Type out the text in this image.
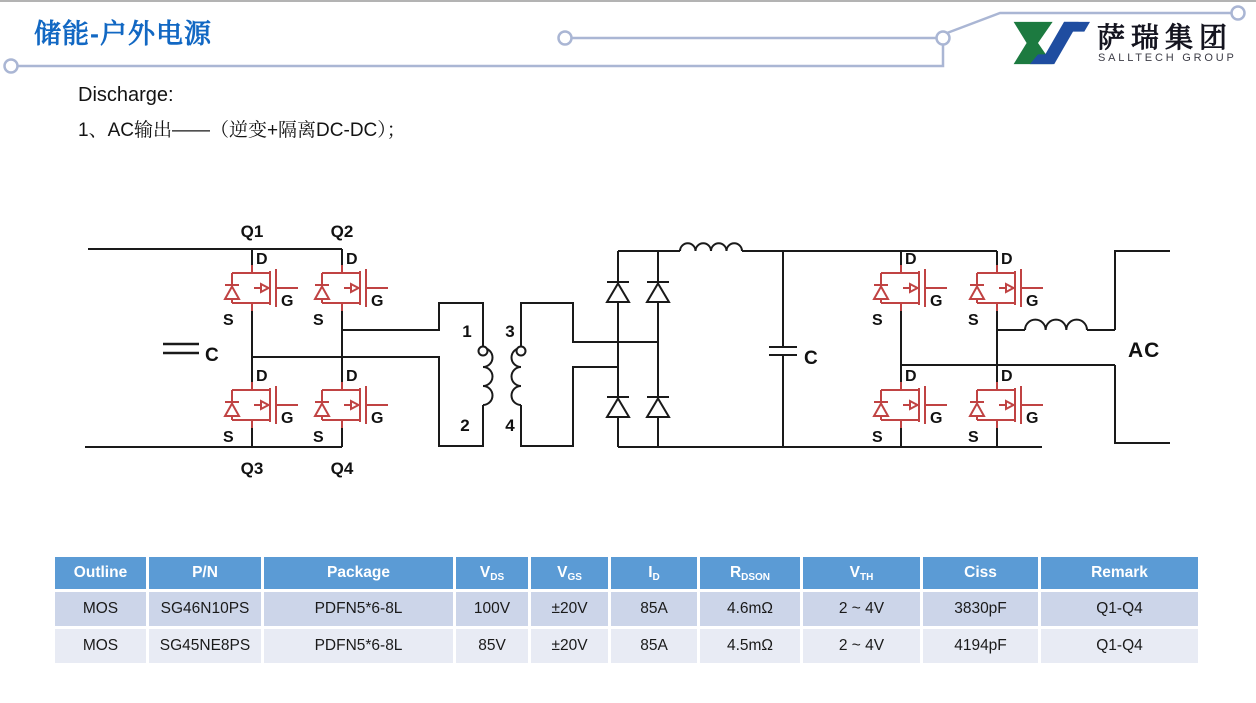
储能-户外电源	萨瑞集团
SALLTECH GROUP
Discharge:
1、AC输出——（逆变+隔离DC-DC）；
D
G	Q1	Q2
Q3	Q4
C	C	AC
1
2
3
4
Outline	P/N	Package	VDS	VGS	ID	RDSON	VTH	Ciss	Remark
MOS	SG46N10PS	PDFN5*6-8L	100V	±20V	85A	4.6mΩ	2 ~ 4V	3830pF	Q1-Q4
MOS	SG45NE8PS	PDFN5*6-8L	85V	±20V	85A	4.5mΩ	2 ~ 4V	4194pF	Q1-Q4
